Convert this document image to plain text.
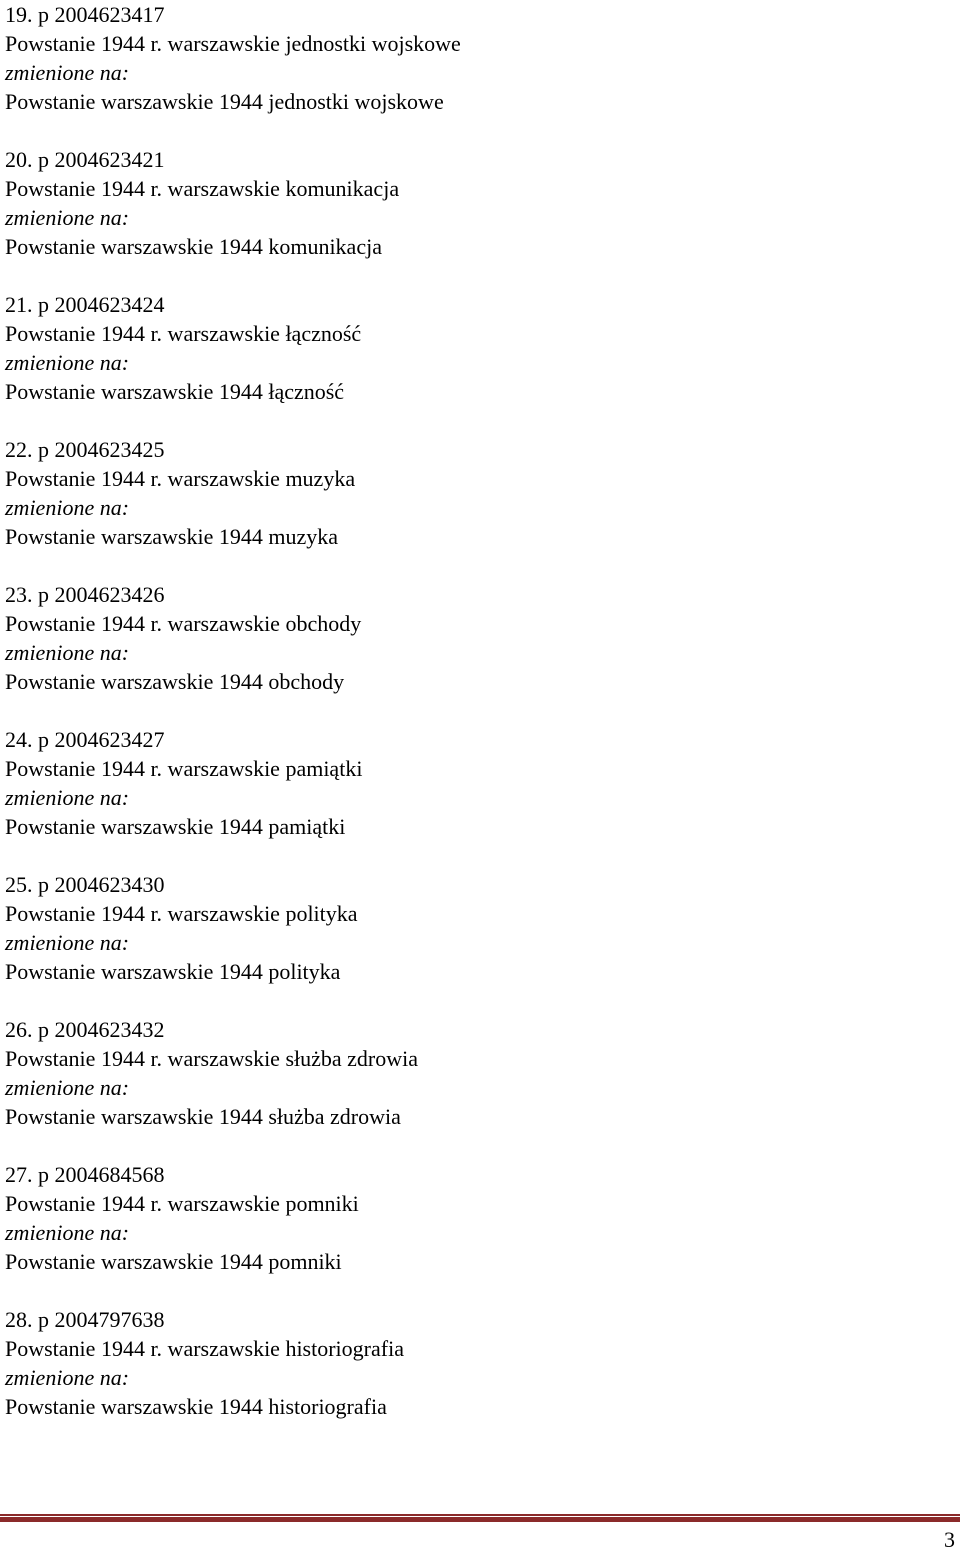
19. p 2004623417
Powstanie 1944 r. warszawskie jednostki wojskowe
zmienione na:
Powstanie warszawskie 1944 jednostki wojskowe
20. p 2004623421
Powstanie 1944 r. warszawskie komunikacja
zmienione na:
Powstanie warszawskie 1944 komunikacja
21. p 2004623424
Powstanie 1944 r. warszawskie łączność
zmienione na:
Powstanie warszawskie 1944 łączność
22. p 2004623425
Powstanie 1944 r. warszawskie muzyka
zmienione na:
Powstanie warszawskie 1944 muzyka
23. p 2004623426
Powstanie 1944 r. warszawskie obchody
zmienione na:
Powstanie warszawskie 1944 obchody
24. p 2004623427
Powstanie 1944 r. warszawskie pamiątki
zmienione na:
Powstanie warszawskie 1944 pamiątki
25. p 2004623430
Powstanie 1944 r. warszawskie polityka
zmienione na:
Powstanie warszawskie 1944 polityka
26. p 2004623432
Powstanie 1944 r. warszawskie służba zdrowia
zmienione na:
Powstanie warszawskie 1944 służba zdrowia
27. p 2004684568
Powstanie 1944 r. warszawskie pomniki
zmienione na:
Powstanie warszawskie 1944 pomniki
28. p 2004797638
Powstanie 1944 r. warszawskie historiografia
zmienione na:
Powstanie warszawskie 1944 historiografia
3
